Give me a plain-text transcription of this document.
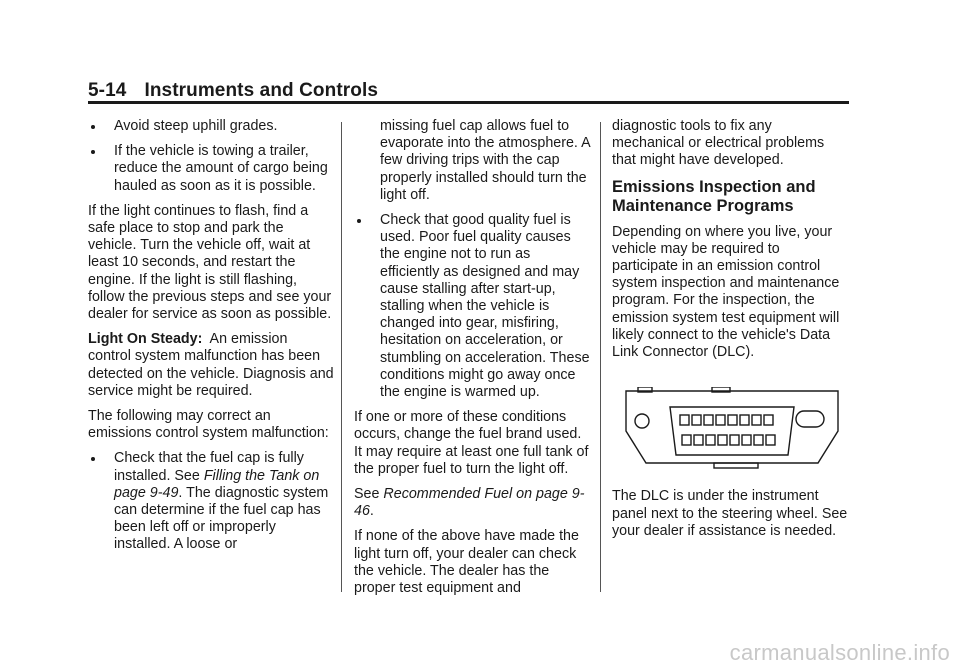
5-14 Instruments and Controls
Avoid steep uphill grades.
If the vehicle is towing a trailer, reduce the amount of cargo being hauled as soon as it is possible.

If the light continues to flash, find a safe place to stop and park the vehicle. Turn the vehicle off, wait at least 10 seconds, and restart the engine. If the light is still flashing, follow the previous steps and see your dealer for service as soon as possible.

Light On Steady: An emission control system malfunction has been detected on the vehicle. Diagnosis and service might be required.

The following may correct an emissions control system malfunction:

Check that the fuel cap is fully installed. See Filling the Tank on page 9-49. The diagnostic system can determine if the fuel cap has been left off or improperly installed. A loose or
missing fuel cap allows fuel to evaporate into the atmosphere. A few driving trips with the cap properly installed should turn the light off.
Check that good quality fuel is used. Poor fuel quality causes the engine not to run as efficiently as designed and may cause stalling after start-up, stalling when the vehicle is changed into gear, misfiring, hesitation on acceleration, or stumbling on acceleration. These conditions might go away once the engine is warmed up.

If one or more of these conditions occurs, change the fuel brand used. It may require at least one full tank of the proper fuel to turn the light off.

See Recommended Fuel on page 9-46.

If none of the above have made the light turn off, your dealer can check the vehicle. The dealer has the proper test equipment and

diagnostic tools to fix any mechanical or electrical problems that might have developed.

Emissions Inspection and Maintenance Programs

Depending on where you live, your vehicle may be required to participate in an emission control system inspection and maintenance program. For the inspection, the emission system test equipment will likely connect to the vehicle's Data Link Connector (DLC).

The DLC is under the instrument panel next to the steering wheel. See your dealer if assistance is needed.

carmanualsonline.info
